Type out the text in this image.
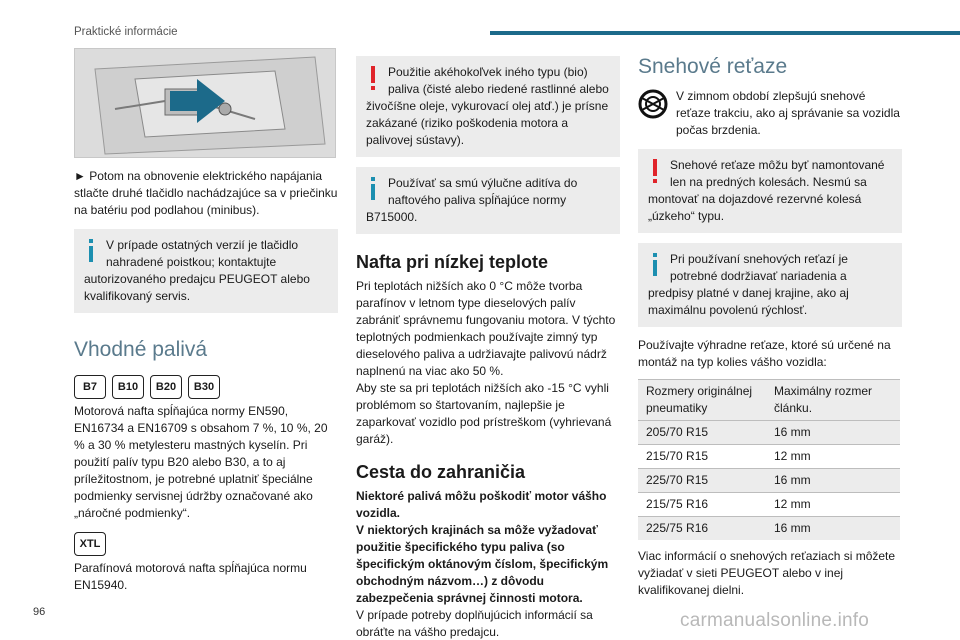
Praktické informácie
► Potom na obnovenie elektrického napájania stlačte druhé tlačidlo nachádzajúce sa v priečinku na batériu pod podlahou (minibus).
V prípade ostatných verzií je tlačidlo nahradené poistkou; kontaktujte autorizovaného predajcu PEUGEOT alebo kvalifikovaný servis.
Vhodné palivá
B7	B10	B20	B30
Motorová nafta spĺňajúca normy EN590, EN16734 a EN16709 s obsahom 7 %, 10 %, 20 % a 30 % metylesteru mastných kyselín. Pri použití palív typu B20 alebo B30, a to aj príležitostnom, je potrebné uplatniť špeciálne podmienky servisnej údržby označované ako „náročné podmienky“.
XTL
Parafínová motorová nafta spĺňajúca normu EN15940.
Použitie akéhokoľvek iného typu (bio) paliva (čisté alebo riedené rastlinné alebo živočíšne oleje, vykurovací olej atď.) je prísne zakázané (riziko poškodenia motora a palivovej sústavy).
Používať sa smú výlučne aditíva do naftového paliva spĺňajúce normy B715000.
Nafta pri nízkej teplote
Pri teplotách nižších ako 0 °C môže tvorba parafínov v letnom type dieselových palív zabrániť správnemu fungovaniu motora. V týchto teplotných podmienkach používajte zimný typ dieselového paliva a udržiavajte palivovú nádrž naplnenú na viac ako 50 %.
Aby ste sa pri teplotách nižších ako -15 °C vyhli problémom so štartovaním, najlepšie je zaparkovať vozidlo pod prístreškom (vyhrievaná garáž).
Cesta do zahraničia
Niektoré palivá môžu poškodiť motor vášho vozidla.
V niektorých krajinách sa môže vyžadovať použitie špecifického typu paliva (so špecifickým oktánovým číslom, špecifickým obchodným názvom…) z dôvodu zabezpečenia správnej činnosti motora.
V prípade potreby doplňujúcich informácií sa obráťte na vášho predajcu.
Snehové reťaze
V zimnom období zlepšujú snehové reťaze trakciu, ako aj správanie sa vozidla počas brzdenia.
Snehové reťaze môžu byť namontované len na predných kolesách. Nesmú sa montovať na dojazdové rezervné kolesá „úzkeho“ typu.
Pri používaní snehových reťazí je potrebné dodržiavať nariadenia a predpisy platné v danej krajine, ako aj maximálnu povolenú rýchlosť.
Používajte výhradne reťaze, ktoré sú určené na montáž na typ kolies vášho vozidla:
Rozmery originálnej pneumatiky	Maximálny rozmer článku.
205/70 R15	16 mm
215/70 R15	12 mm
225/70 R15	16 mm
215/75 R16	12 mm
225/75 R16	16 mm
Viac informácií o snehových reťaziach si môžete vyžiadať v sieti PEUGEOT alebo v inej kvalifikovanej dielni.
96	carmanualsonline.info
